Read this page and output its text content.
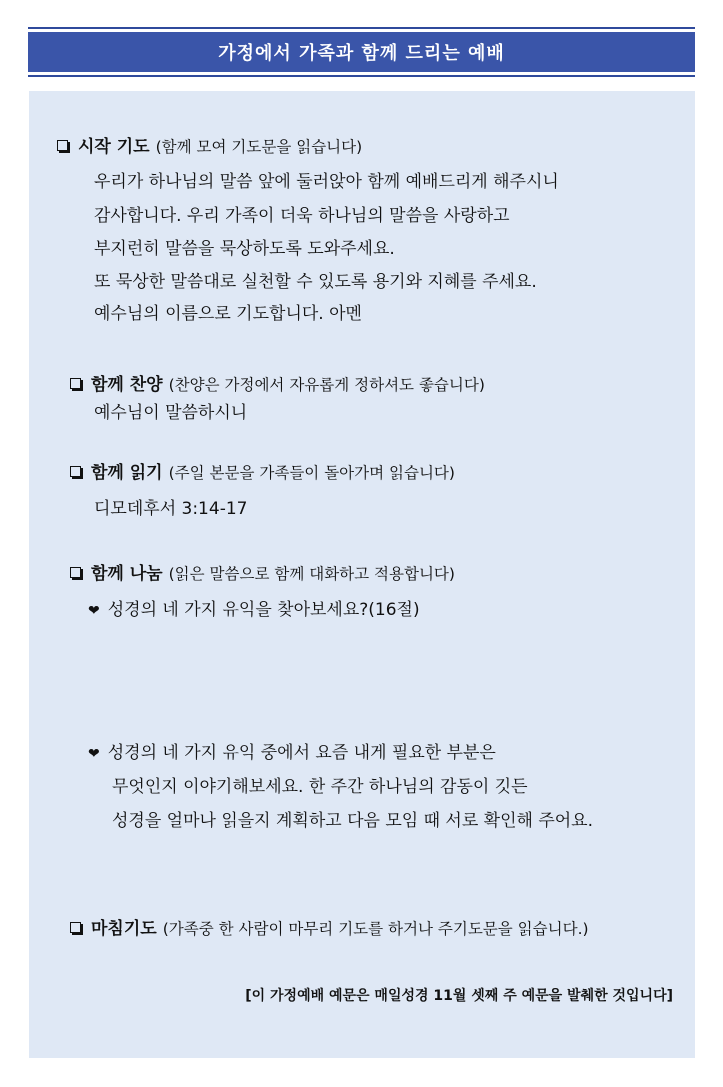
가정에서 가족과 함께 드리는 예배
시작 기도 (함께 모여 기도문을 읽습니다)
우리가 하나님의 말씀 앞에 둘러앉아 함께 예배드리게 해주시니
감사합니다. 우리 가족이 더욱 하나님의 말씀을 사랑하고
부지런히 말씀을 묵상하도록 도와주세요.
또 묵상한 말씀대로 실천할 수 있도록 용기와 지혜를 주세요.
예수님의 이름으로 기도합니다. 아멘
함께 찬양 (찬양은 가정에서 자유롭게 정하셔도 좋습니다)
예수님이 말씀하시니
함께 읽기 (주일 본문을 가족들이 돌아가며 읽습니다)
디모데후서 3:14-17
함께 나눔 (읽은 말씀으로 함께 대화하고 적용합니다)
❤ 성경의 네 가지 유익을 찾아보세요?(16절)
❤ 성경의 네 가지 유익 중에서 요즘 내게 필요한 부분은
무엇인지 이야기해보세요. 한 주간 하나님의 감동이 깃든
성경을 얼마나 읽을지 계획하고 다음 모임 때 서로 확인해 주어요.
마침기도 (가족중 한 사람이 마무리 기도를 하거나 주기도문을 읽습니다.)
[이 가정예배 예문은 매일성경 11월 셋째 주 예문을 발췌한 것입니다]
